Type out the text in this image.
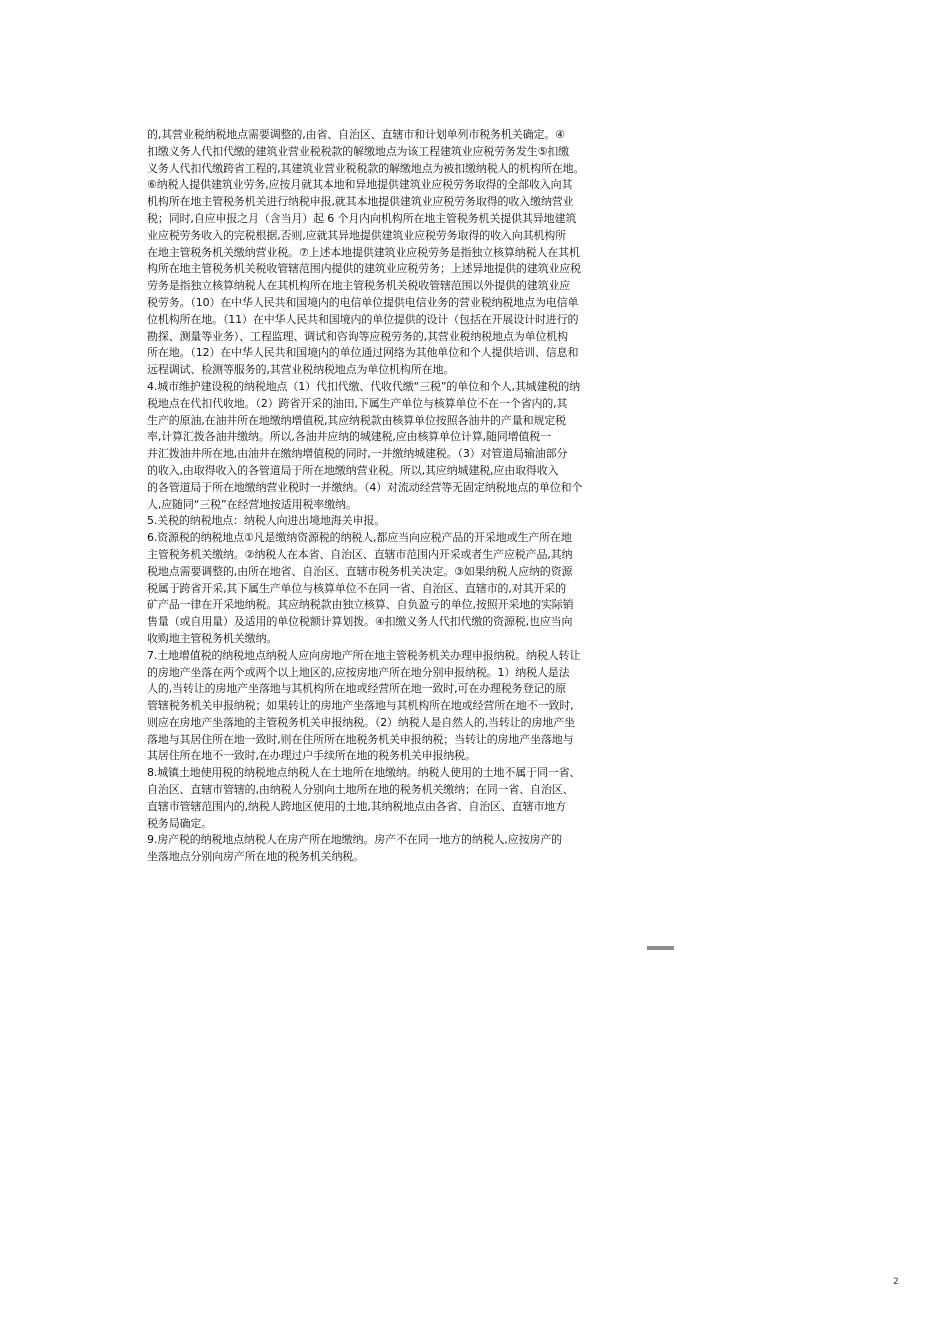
的,其营业税纳税地点需要调整的,由省、自治区、直辖市和计划单列市税务机关确定。④
扣缴义务人代扣代缴的建筑业营业税税款的解缴地点为该工程建筑业应税劳务发生⑤扣缴
义务人代扣代缴跨省工程的,其建筑业营业税税款的解缴地点为被扣缴纳税人的机构所在地。
⑥纳税人提供建筑业劳务,应按月就其本地和异地提供建筑业应税劳务取得的全部收入向其
机构所在地主管税务机关进行纳税申报,就其本地提供建筑业应税劳务取得的收入缴纳营业
税；同时,自应申报之月（含当月）起 6 个月内向机构所在地主管税务机关提供其异地建筑
业应税劳务收入的完税根据,否则,应就其异地提供建筑业应税劳务取得的收入向其机构所
在地主管税务机关缴纳营业税。⑦上述本地提供建筑业应税劳务是指独立核算纳税人在其机
构所在地主管税务机关税收管辖范围内提供的建筑业应税劳务；上述异地提供的建筑业应税
劳务是指独立核算纳税人在其机构所在地主管税务机关税收管辖范围以外提供的建筑业应
税劳务。（10）在中华人民共和国境内的电信单位提供电信业务的营业税纳税地点为电信单
位机构所在地。（11）在中华人民共和国境内的单位提供的设计（包括在开展设计时进行的
勘探、测量等业务）、工程监理、调试和咨询等应税劳务的,其营业税纳税地点为单位机构
所在地。（12）在中华人民共和国境内的单位通过网络为其他单位和个人提供培训、信息和
远程调试、检测等服务的,其营业税纳税地点为单位机构所在地。
4.城市维护建设税的纳税地点（1）代扣代缴、代收代缴“三税”的单位和个人,其城建税的纳
税地点在代扣代收地。（2）跨省开采的油田,下属生产单位与核算单位不在一个省内的,其
生产的原油,在油井所在地缴纳增值税,其应纳税款由核算单位按照各油井的产量和规定税
率,计算汇拨各油井缴纳。所以,各油井应纳的城建税,应由核算单位计算,随同增值税一
并汇拨油井所在地,由油井在缴纳增值税的同时,一并缴纳城建税。（3）对管道局输油部分
的收入,由取得收入的各管道局于所在地缴纳营业税。所以,其应纳城建税,应由取得收入
的各管道局于所在地缴纳营业税时一并缴纳。（4）对流动经营等无固定纳税地点的单位和个
人,应随同“三税”在经营地按适用税率缴纳。
5.关税的纳税地点：纳税人向进出境地海关申报。
6.资源税的纳税地点①凡是缴纳资源税的纳税人,都应当向应税产品的开采地或生产所在地
主管税务机关缴纳。②纳税人在本省、自治区、直辖市范围内开采或者生产应税产品,其纳
税地点需要调整的,由所在地省、自治区、直辖市税务机关决定。③如果纳税人应纳的资源
税属于跨省开采,其下属生产单位与核算单位不在同一省、自治区、直辖市的,对其开采的
矿产品一律在开采地纳税。其应纳税款由独立核算、自负盈亏的单位,按照开采地的实际销
售量（或自用量）及适用的单位税额计算划拨。④扣缴义务人代扣代缴的资源税,也应当向
收购地主管税务机关缴纳。
7.土地增值税的纳税地点纳税人应向房地产所在地主管税务机关办理申报纳税。纳税人转让
的房地产坐落在两个或两个以上地区的,应按房地产所在地分别申报纳税。1）纳税人是法
人的,当转让的房地产坐落地与其机构所在地或经营所在地一致时,可在办理税务登记的原
管辖税务机关申报纳税；如果转让的房地产坐落地与其机构所在地或经营所在地不一致时,
则应在房地产坐落地的主管税务机关申报纳税。（2）纳税人是自然人的,当转让的房地产坐
落地与其居住所在地一致时,则在住所所在地税务机关申报纳税；当转让的房地产坐落地与
其居住所在地不一致时,在办理过户手续所在地的税务机关申报纳税。
8.城镇土地使用税的纳税地点纳税人在土地所在地缴纳。纳税人使用的土地不属于同一省、
自治区、直辖市管辖的,由纳税人分别向土地所在地的税务机关缴纳；在同一省、自治区、
直辖市管辖范围内的,纳税人跨地区使用的土地,其纳税地点由各省、自治区、直辖市地方
税务局确定。
9.房产税的纳税地点纳税人在房产所在地缴纳。房产不在同一地方的纳税人,应按房产的
坐落地点分别向房产所在地的税务机关纳税。
2
